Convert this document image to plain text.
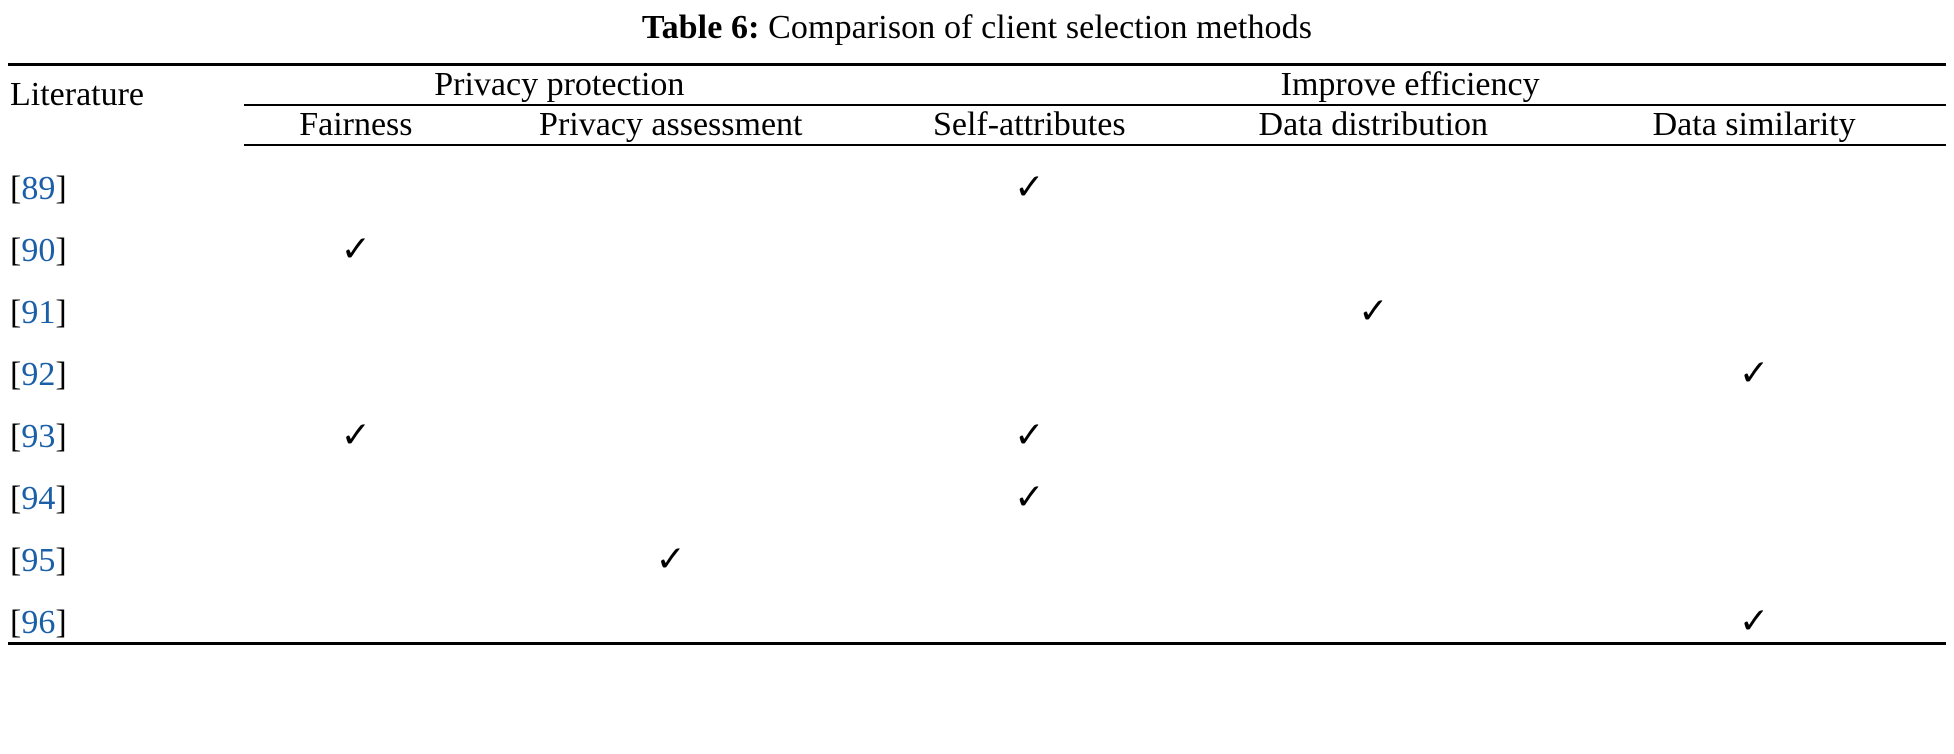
Table 6: Comparison of client selection methods
Literature	Privacy protection		Improve efficiency		
	Fairness	Privacy assessment	Self-attributes	Data distribution	Data similarity
[89]			✓		
[90]	✓				
[91]				✓	
[92]					✓
[93]	✓		✓		
[94]			✓		
[95]		✓			
[96]					✓
